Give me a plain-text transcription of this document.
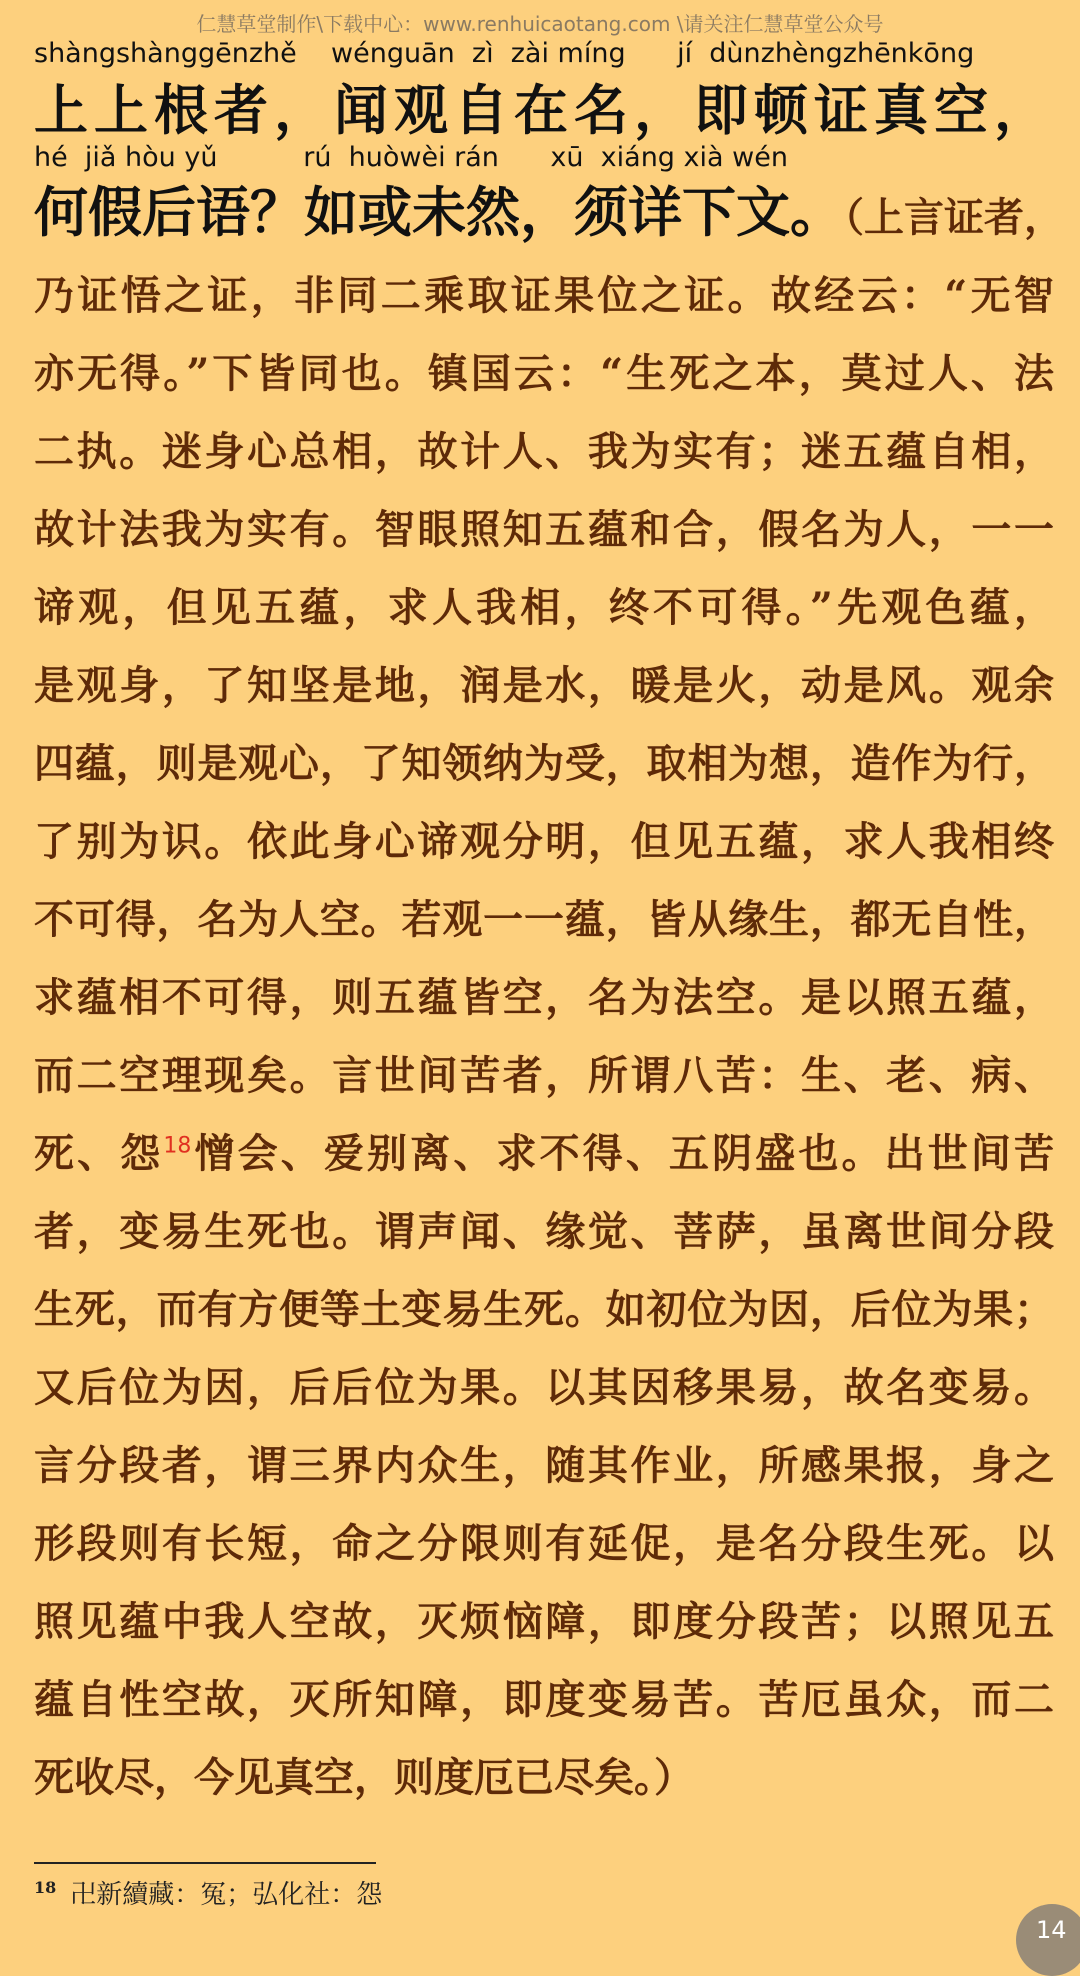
仁慧草堂制作\下载中心：www.renhuicaotang.com \请关注仁慧草堂公众号
shàngshànggēnzhě    wénguān  zì  zài míng      jí  dùnzhèngzhēnkōng
上上根者，闻观自在名，即顿证真空，
hé  jiǎ hòu yǔ          rú  huòwèi rán      xū  xiáng xià wén
何假后语？如或未然，须详下文。（上言证者，
乃证悟之证，非同二乘取证果位之证。故经云：“无智
亦无得。”下皆同也。镇国云：“生死之本，莫过人、法
二执。迷身心总相，故计人、我为实有；迷五蕴自相，
故计法我为实有。智眼照知五蕴和合，假名为人，一一
谛观，但见五蕴，求人我相，终不可得。”先观色蕴，
是观身，了知坚是地，润是水，暖是火，动是风。观余
四蕴，则是观心，了知领纳为受，取相为想，造作为行，
了别为识。依此身心谛观分明，但见五蕴，求人我相终
不可得，名为人空。若观一一蕴，皆从缘生，都无自性，
求蕴相不可得，则五蕴皆空，名为法空。是以照五蕴，
而二空理现矣。言世间苦者，所谓八苦：生、老、病、
死、怨$^{18}$憎会、爱别离、求不得、五阴盛也。出世间苦
者，变易生死也。谓声闻、缘觉、菩萨，虽离世间分段
生死，而有方便等土变易生死。如初位为因，后位为果；
又后位为因，后后位为果。以其因移果易，故名变易。
言分段者，谓三界内众生，随其作业，所感果报，身之
形段则有长短，命之分限则有延促，是名分段生死。以
照见蕴中我人空故，灭烦恼障，即度分段苦；以照见五
蕴自性空故，灭所知障，即度变易苦。苦厄虽众，而二
死收尽，今见真空，则度厄已尽矣。）
$^{18}$ 卍新續藏：冤；弘化社：怨
14
